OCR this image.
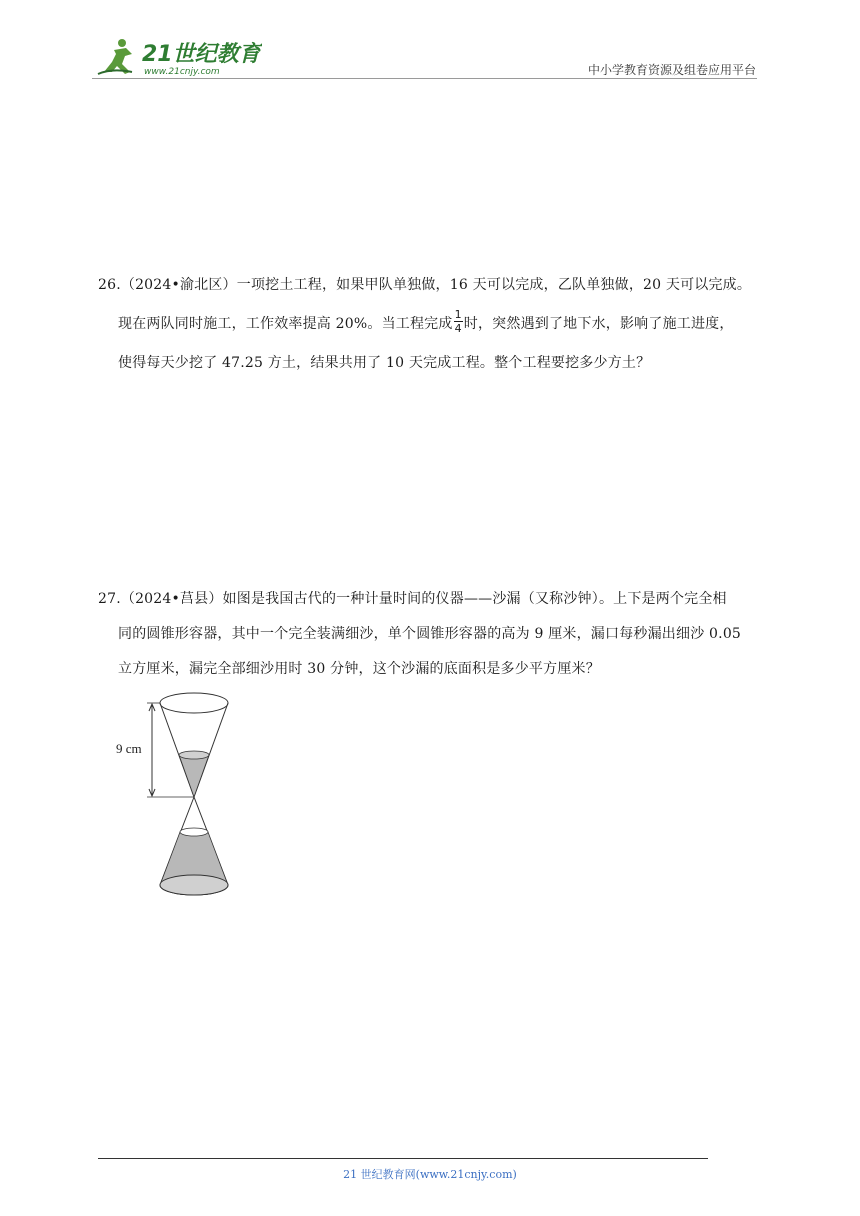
21世纪教育
www.21cnjy.com	中小学教育资源及组卷应用平台
26.（2024•渝北区）一项挖土工程，如果甲队单独做，16 天可以完成，乙队单独做，20 天可以完成。
现在两队同时施工，工作效率提高 20%。当工程完成 $\frac{1}{4}$ 时，突然遇到了地下水，影响了施工进度，
使得每天少挖了 47.25 方土，结果共用了 10 天完成工程。整个工程要挖多少方土？
27.（2024•莒县）如图是我国古代的一种计量时间的仪器——沙漏（又称沙钟）。上下是两个完全相
同的圆锥形容器，其中一个完全装满细沙，单个圆锥形容器的高为 9 厘米，漏口每秒漏出细沙 0.05
立方厘米，漏完全部细沙用时 30 分钟，这个沙漏的底面积是多少平方厘米？
9 cm
21 世纪教育网(www.21cnjy.com)
